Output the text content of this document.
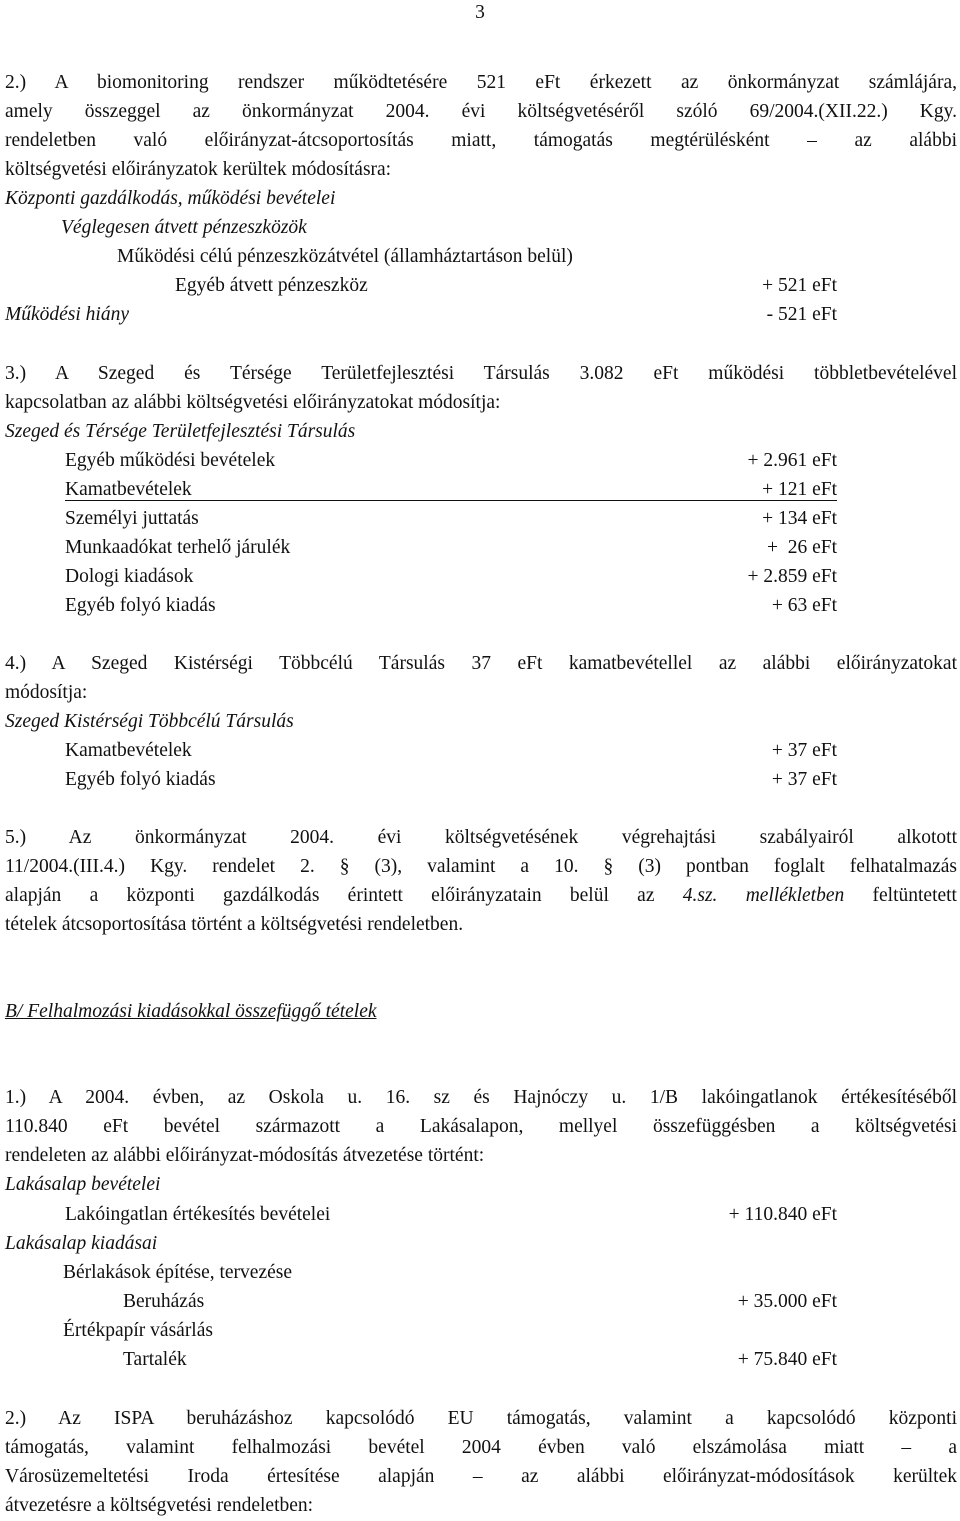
3
2.) A biomonitoring rendszer működtetésére 521 eFt érkezett az önkormányzat számlájára,
amely összeggel az önkormányzat 2004. évi költségvetéséről szóló 69/2004.(XII.22.) Kgy.
rendeletben való előirányzat-átcsoportosítás miatt, támogatás megtérülésként – az alábbi
költségvetési előirányzatok kerültek módosításra:
Központi gazdálkodás, működési bevételei
Véglegesen átvett pénzeszközök
Működési célú pénzeszközátvétel (államháztartáson belül)
Egyéb átvett pénzeszköz	+ 521 eFt
Működési hiány	- 521 eFt
3.) A Szeged és Térsége Területfejlesztési Társulás 3.082 eFt működési többletbevételével
kapcsolatban az alábbi költségvetési előirányzatokat módosítja:
Szeged és Térsége Területfejlesztési Társulás
Egyéb működési bevételek	+ 2.961 eFt
Kamatbevételek	+ 121 eFt
Személyi juttatás	+ 134 eFt
Munkaadókat terhelő járulék	+  26 eFt
Dologi kiadások	+ 2.859 eFt
Egyéb folyó kiadás	+ 63 eFt
4.) A Szeged Kistérségi Többcélú Társulás 37 eFt kamatbevétellel az alábbi előirányzatokat
módosítja:
Szeged Kistérségi Többcélú Társulás
Kamatbevételek	+ 37 eFt
Egyéb folyó kiadás	+ 37 eFt
5.) Az önkormányzat 2004. évi költségvetésének végrehajtási szabályairól alkotott
11/2004.(III.4.) Kgy. rendelet 2. § (3), valamint a 10. § (3) pontban foglalt felhatalmazás
alapján a központi gazdálkodás érintett előirányzatain belül az 4.sz. mellékletben feltüntetett
tételek átcsoportosítása történt a költségvetési rendeletben.
B/ Felhalmozási kiadásokkal összefüggő tételek
1.) A 2004. évben, az Oskola u. 16. sz és Hajnóczy u. 1/B lakóingatlanok értékesítéséből
110.840 eFt bevétel származott a Lakásalapon, mellyel összefüggésben a költségvetési
rendeleten az alábbi előirányzat-módosítás átvezetése történt:
Lakásalap bevételei
Lakóingatlan értékesítés bevételei	+ 110.840 eFt
Lakásalap kiadásai
Bérlakások építése, tervezése
Beruházás	+ 35.000 eFt
Értékpapír vásárlás
Tartalék	+ 75.840 eFt
2.) Az ISPA beruházáshoz kapcsolódó EU támogatás, valamint a kapcsolódó központi
támogatás, valamint felhalmozási bevétel 2004 évben való elszámolása miatt – a
Városüzemeltetési Iroda értesítése alapján – az alábbi előirányzat-módosítások kerültek
átvezetésre a költségvetési rendeletben:
